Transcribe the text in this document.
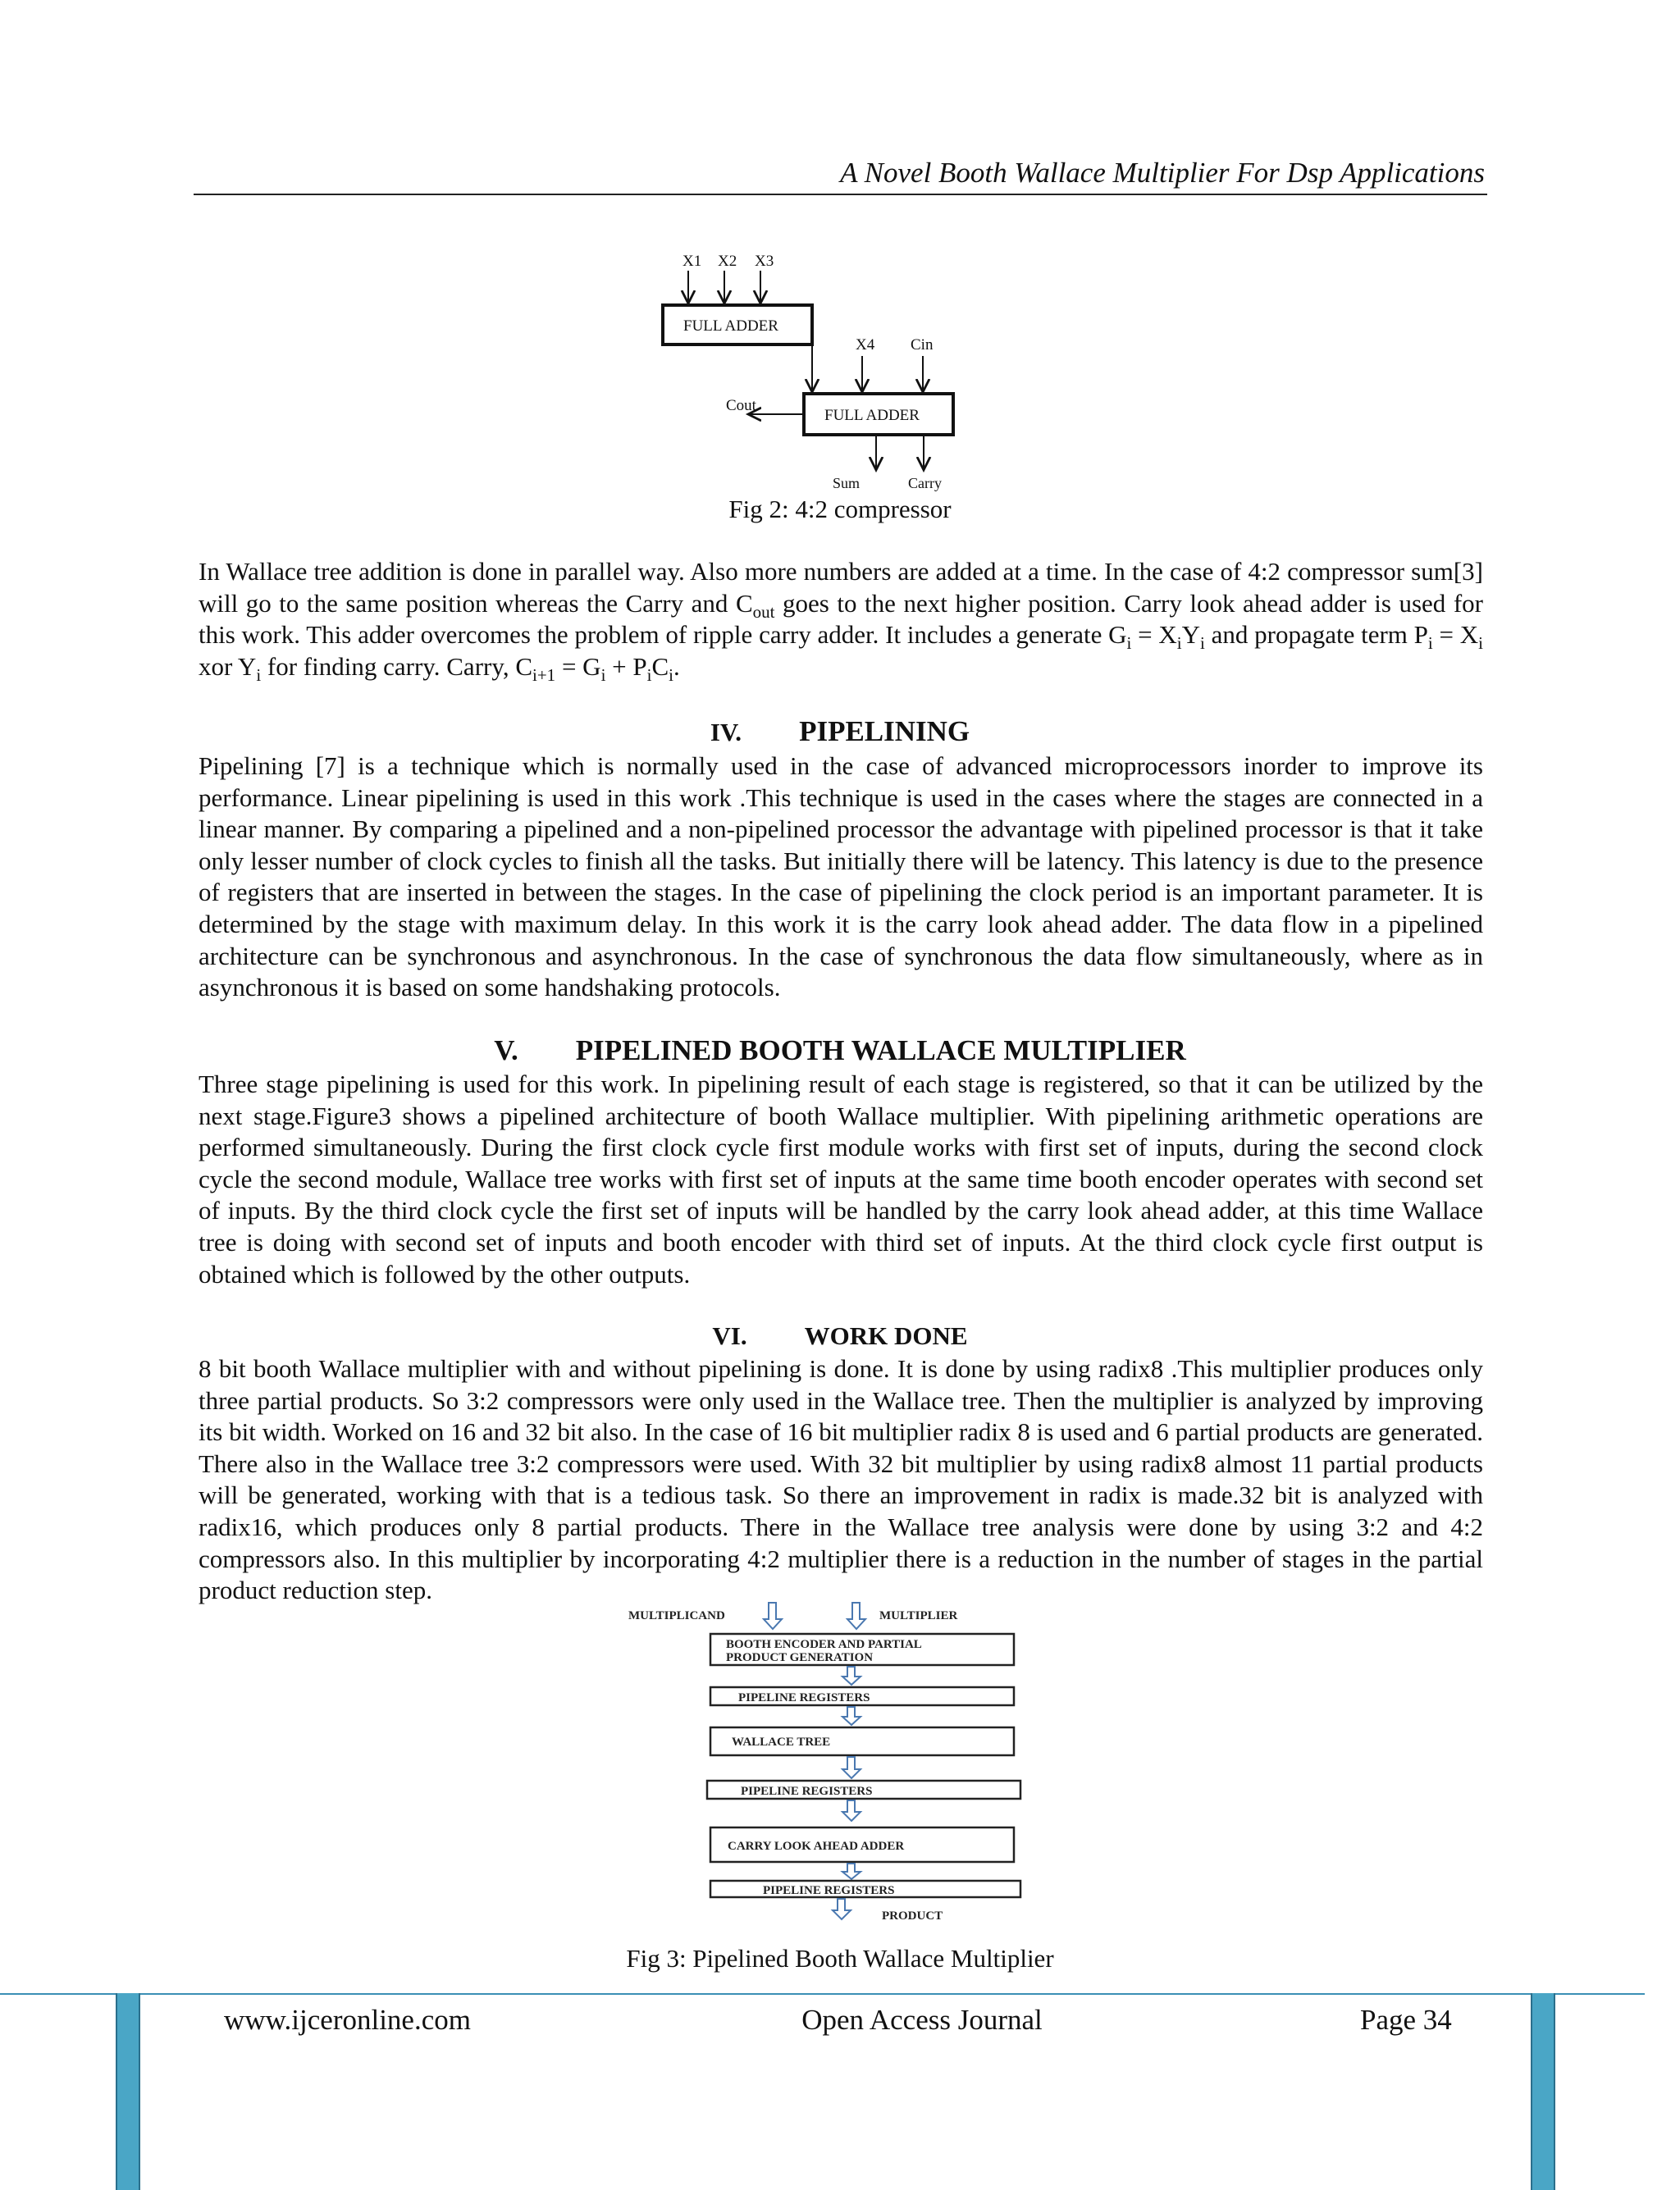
A Novel Booth Wallace Multiplier For Dsp Applications
X1 X2 X3
FULL ADDER
X4 Cin
FULL ADDER
Cout
Sum	Carry
Fig 2: 4:2 compressor

In Wallace tree addition is done in parallel way. Also more numbers are added at a time. In the case of 4:2 compressor sum[3] will go to the same position whereas the Carry and $C_{out}$ goes to the next higher position. Carry look ahead adder is used for this work. This adder overcomes the problem of ripple carry adder. It includes a generate $G_i = X_iY_i$ and propagate term $P_i = X_i$ xor $Y_i$ for finding carry. Carry, $C_{i+1} = G_i + P_iC_i$.

IV. PIPELINING

Pipelining [7] is a technique which is normally used in the case of advanced microprocessors inorder to improve its performance. Linear pipelining is used in this work .This technique is used in the cases where the stages are connected in a linear manner. By comparing a pipelined and a non-pipelined processor the advantage with pipelined processor is that it take only lesser number of clock cycles to finish all the tasks. But initially there will be latency. This latency is due to the presence of registers that are inserted in between the stages. In the case of pipelining the clock period is an important parameter. It is determined by the stage with maximum delay. In this work it is the carry look ahead adder. The data flow in a pipelined architecture can be synchronous and asynchronous. In the case of synchronous the data flow simultaneously, where as in asynchronous it is based on some handshaking protocols.

V. PIPELINED BOOTH WALLACE MULTIPLIER

Three stage pipelining is used for this work. In pipelining result of each stage is registered, so that it can be utilized by the next stage.Figure3 shows a pipelined architecture of booth Wallace multiplier. With pipelining arithmetic operations are performed simultaneously. During the first clock cycle first module works with first set of inputs, during the second clock cycle the second module, Wallace tree works with first set of inputs at the same time booth encoder operates with second set of inputs. By the third clock cycle the first set of inputs will be handled by the carry look ahead adder, at this time Wallace tree is doing with second set of inputs and booth encoder with third set of inputs. At the third clock cycle first output is obtained which is followed by the other outputs.

VI. WORK DONE

8 bit booth Wallace multiplier with and without pipelining is done. It is done by using radix8 .This multiplier produces only three partial products. So 3:2 compressors were only used in the Wallace tree. Then the multiplier is analyzed by improving its bit width. Worked on 16 and 32 bit also. In the case of 16 bit multiplier radix 8 is used and 6 partial products are generated. There also in the Wallace tree 3:2 compressors were used. With 32 bit multiplier by using radix8 almost 11 partial products will be generated, working with that is a tedious task. So there an improvement in radix is made.32 bit is analyzed with radix16, which produces only 8 partial products. There in the Wallace tree analysis were done by using 3:2 and 4:2 compressors also. In this multiplier by incorporating 4:2 multiplier there is a reduction in the number of stages in the partial product reduction step.

MULTIPLICAND	MULTIPLIER
BOOTH ENCODER AND PARTIAL
PRODUCT GENERATION
PIPELINE REGISTERS
WALLACE TREE
PIPELINE REGISTERS
CARRY LOOK AHEAD ADDER
PIPELINE REGISTERS
PRODUCT
Fig 3: Pipelined Booth Wallace Multiplier
www.ijceronline.com	Open Access Journal	Page 34
